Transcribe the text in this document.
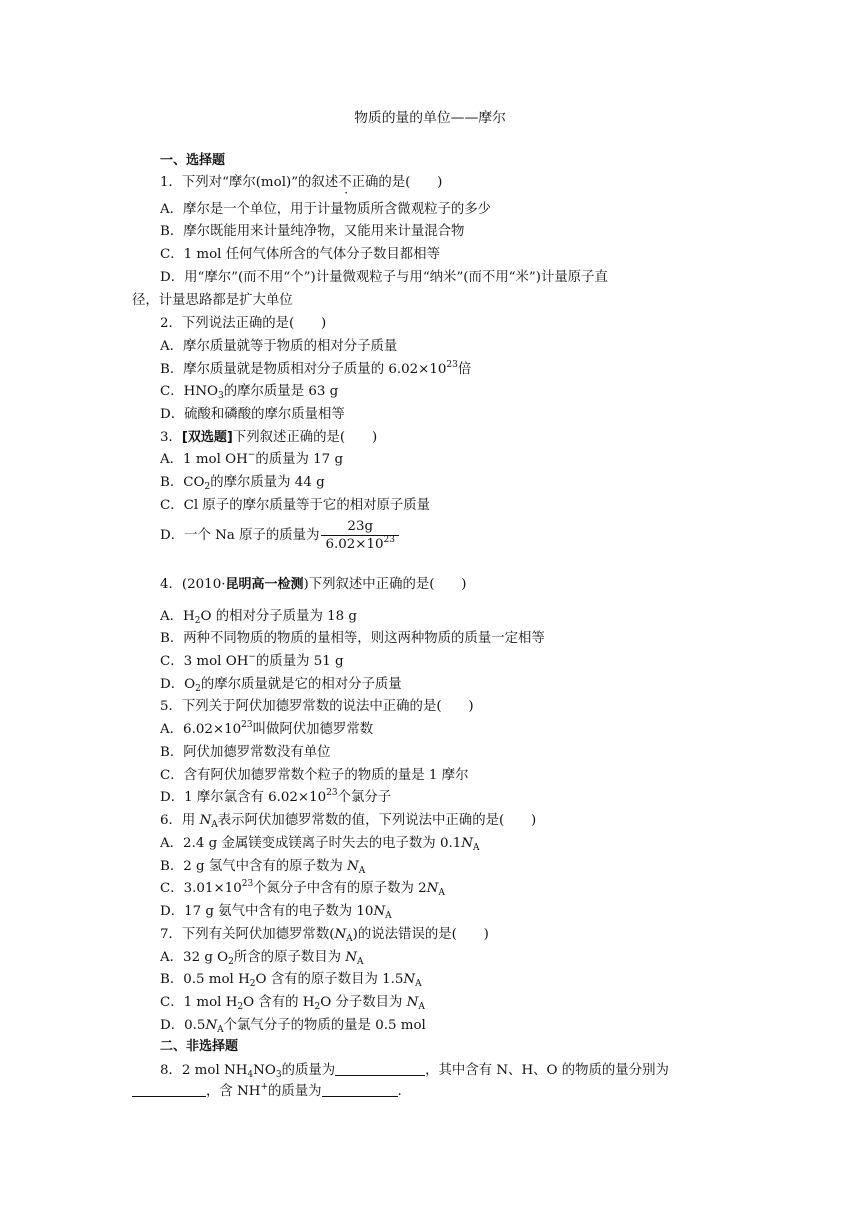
物质的量的单位——摩尔
一、选择题
1．下列对“摩尔(mol)”的叙述不正确的是(　　)
A．摩尔是一个单位，用于计量物质所含微观粒子的多少
B．摩尔既能用来计量纯净物，又能用来计量混合物
C．1 mol 任何气体所含的气体分子数目都相等
D．用“摩尔”(而不用“个”)计量微观粒子与用“纳米”(而不用“米”)计量原子直
径，计量思路都是扩大单位
2．下列说法正确的是(　　)
A．摩尔质量就等于物质的相对分子质量
B．摩尔质量就是物质相对分子质量的 $6.02\times 10^{23}$倍
C．$HNO_3$的摩尔质量是 63 g
D．硫酸和磷酸的摩尔质量相等
3．[双选题]下列叙述正确的是(　　)
A．1 mol OH−的质量为 17 g
B．$CO_2$的摩尔质量为 44 g
C．Cl 原子的摩尔质量等于它的相对原子质量
D．一个 Na 原子的质量为 $\frac{23g}{6.02\times 10^{23}}$
4．(2010·昆明高一检测)下列叙述中正确的是(　　)
A．$H_2O$ 的相对分子质量为 18 g
B．两种不同物质的物质的量相等，则这两种物质的质量一定相等
C．3 mol OH−的质量为 51 g
D．$O_2$的摩尔质量就是它的相对分子质量
5．下列关于阿伏加德罗常数的说法中正确的是(　　)
A．$6.02\times 10^{23}$叫做阿伏加德罗常数
B．阿伏加德罗常数没有单位
C．含有阿伏加德罗常数个粒子的物质的量是 1 摩尔
D．1 摩尔氯含有 $6.02\times 10^{23}$个氯分子
6．用 $N_A$表示阿伏加德罗常数的值，下列说法中正确的是(　　)
A．2.4 g 金属镁变成镁离子时失去的电子数为 $0.1N_A$
B．2 g 氢气中含有的原子数为 $N_A$
C．$3.01\times 10^{23}$个氮分子中含有的原子数为 $2N_A$
D．17 g 氨气中含有的电子数为 $10N_A$
7．下列有关阿伏加德罗常数$(N_A)$的说法错误的是(　　)
A．32 g $O_2$所含的原子数目为 $N_A$
B．0.5 mol $H_2O$ 含有的原子数目为 $1.5N_A$
C．1 mol $H_2O$ 含有的 $H_2O$ 分子数目为 $N_A$
D．$0.5N_A$个氯气分子的物质的量是 0.5 mol
二、非选择题
8．2 mol $NH_4NO_3$的质量为	，其中含有 N、H、O 的物质的量分别为
，含 NH+的质量为	.
